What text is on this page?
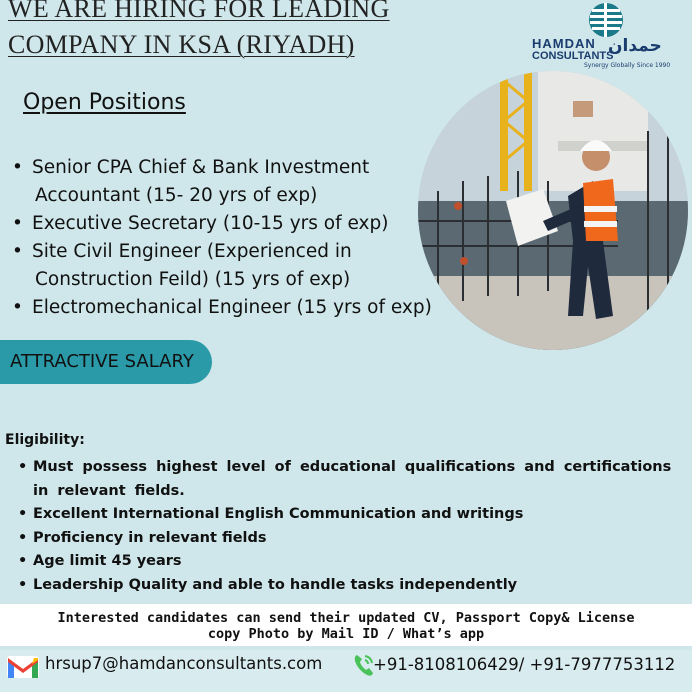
WE ARE HIRING FOR LEADING
COMPANY IN KSA (RIYADH)	HAMDAN
CONSULTANTS
حمدان
Synergy Globally Since 1990
Open Positions
• Senior CPA Chief & Bank Investment
Accountant (15- 20 yrs of exp)
• Executive Secretary (10-15 yrs of exp)
• Site Civil Engineer (Experienced in
Construction Feild) (15 yrs of exp)
• Electromechanical Engineer (15 yrs of exp)
ATTRACTIVE SALARY
Eligibility:
• Must possess highest level of educational qualifications and certifications in relevant fields.
• Excellent International English Communication and writings
• Proficiency in relevant fields
• Age limit 45 years
• Leadership Quality and able to handle tasks independently
Interested candidates can send their updated CV, Passport Copy& License
copy Photo by Mail ID / What’s app
hrsup7@hamdanconsultants.com	+91-8108106429/ +91-7977753112
